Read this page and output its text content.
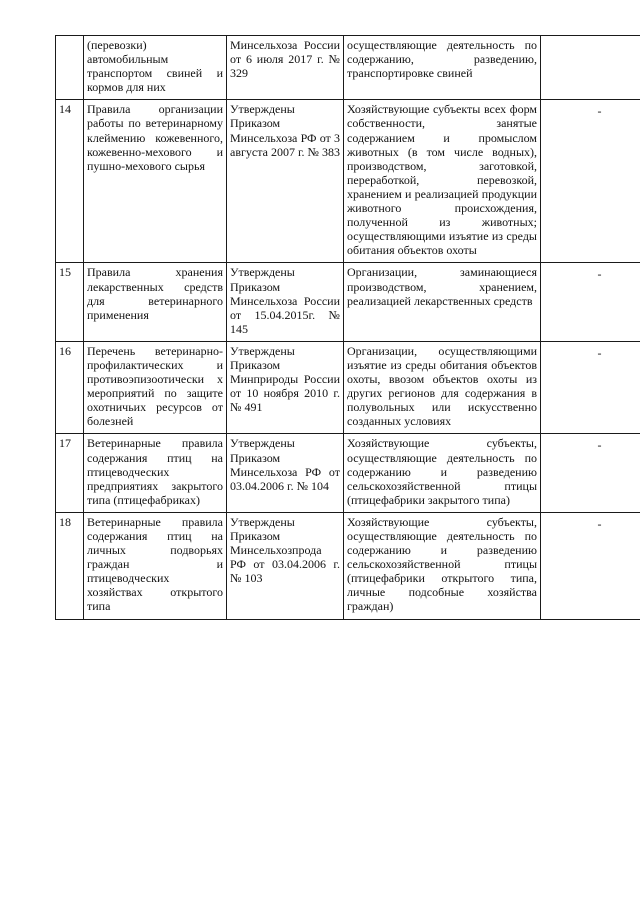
	(перевозки) автомобильным транспортом свиней и кормов для них	Минсельхоза России от 6 июля 2017 г. № 329	осуществляющие деятельность по содержанию, разведению, транспортировке свиней	
14	Правила организации работы по ветеринарному клеймению кожевенного, кожевенно-мехового и пушно-мехового сырья	Утверждены Приказом Минсельхоза РФ от 3 августа 2007 г. № 383	Хозяйствующие субъекты всех форм собственности, занятые содержанием и промыслом животных (в том числе водных), производством, заготовкой, переработкой, перевозкой, хранением и реализацией продукции животного происхождения, полученной из животных; осуществляющими изъятие из среды обитания объектов охоты	-
15	Правила хранения лекарственных средств для ветеринарного применения	Утверждены Приказом Минсельхоза России от 15.04.2015г. № 145	Организации, заминающиеся производством, хранением, реализацией лекарственных средств	-
16	Перечень ветеринарно-профилактических и противоэпизоотически х мероприятий по защите охотничьих ресурсов от болезней	Утверждены Приказом Минприроды России от 10 ноября 2010 г. № 491	Организации, осуществляющими изъятие из среды обитания объектов охоты, ввозом объектов охоты из других регионов для содержания в полувольных или искусственно созданных условиях	-
17	Ветеринарные правила содержания птиц на птицеводческих предприятиях закрытого типа (птицефабриках)	Утверждены Приказом Минсельхоза РФ от 03.04.2006 г. № 104	Хозяйствующие субъекты, осуществляющие деятельность по содержанию и разведению сельскохозяйственной птицы (птицефабрики закрытого типа)	-
18	Ветеринарные правила содержания птиц на личных подворьях граждан и птицеводческих хозяйствах открытого типа	Утверждены Приказом Минсельхозпрода РФ от 03.04.2006 г. № 103	Хозяйствующие субъекты, осуществляющие деятельность по содержанию и разведению сельскохозяйственной птицы (птицефабрики открытого типа, личные подсобные хозяйства граждан)	-
